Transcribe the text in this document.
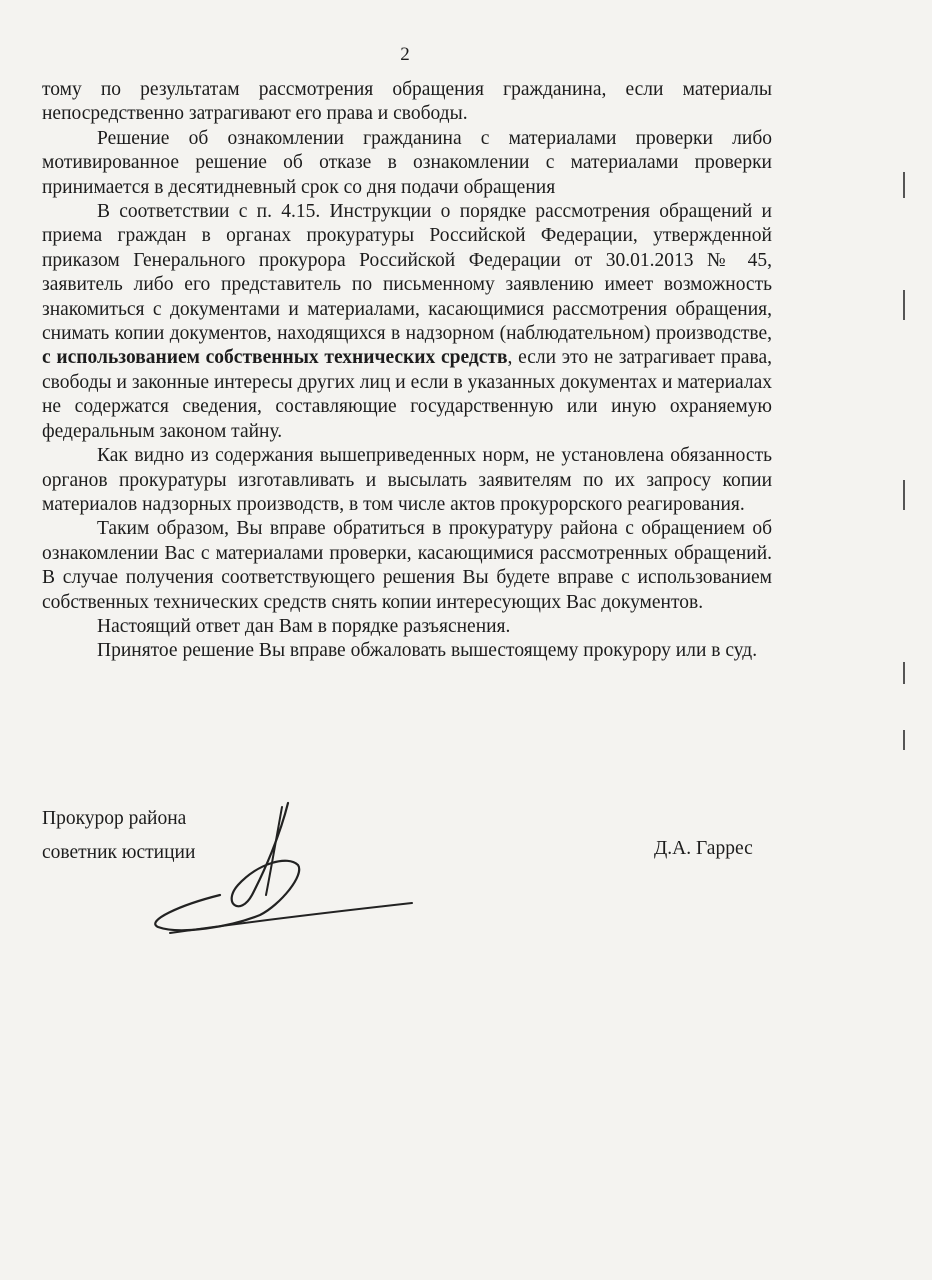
2

тому по результатам рассмотрения обращения гражданина, если материалы непосредственно затрагивают его права и свободы.

Решение об ознакомлении гражданина с материалами проверки либо мотивированное решение об отказе в ознакомлении с материалами проверки принимается в десятидневный срок со дня подачи обращения

В соответствии с п. 4.15. Инструкции о порядке рассмотрения обращений и приема граждан в органах прокуратуры Российской Федерации, утвержденной приказом Генерального прокурора Российской Федерации от 30.01.2013 № 45, заявитель либо его представитель по письменному заявлению имеет возможность знакомиться с документами и материалами, касающимися рассмотрения обращения, снимать копии документов, находящихся в надзорном (наблюдательном) производстве, с использованием собственных технических средств, если это не затрагивает права, свободы и законные интересы других лиц и если в указанных документах и материалах не содержатся сведения, составляющие государственную или иную охраняемую федеральным законом тайну.

Как видно из содержания вышеприведенных норм, не установлена обязанность органов прокуратуры изготавливать и высылать заявителям по их запросу копии материалов надзорных производств, в том числе актов прокурорского реагирования.

Таким образом, Вы вправе обратиться в прокуратуру района с обращением об ознакомлении Вас с материалами проверки, касающимися рассмотренных обращений. В случае получения соответствующего решения Вы будете вправе с использованием собственных технических средств снять копии интересующих Вас документов.

Настоящий ответ дан Вам в порядке разъяснения.

Принятое решение Вы вправе обжаловать вышестоящему прокурору или в суд.

Прокурор района
советник юстиции	Д.А. Гаррес
